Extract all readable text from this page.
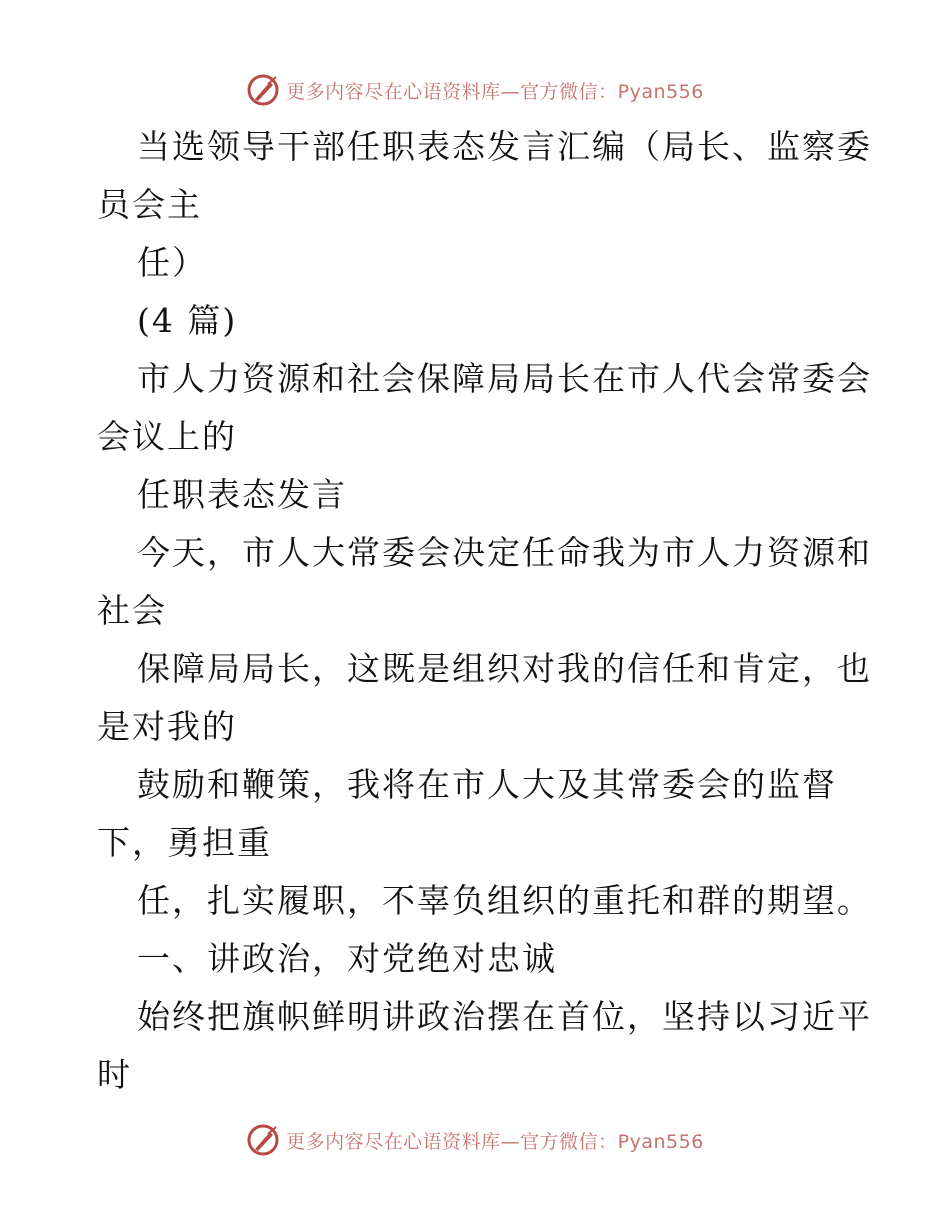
更多内容尽在心语资料库—官方微信：Pyan556

当选领导干部任职表态发言汇编（局长、监察委

员会主

任）

(4 篇)

市人力资源和社会保障局局长在市人代会常委会

会议上的

任职表态发言

今天，市人大常委会决定任命我为市人力资源和

社会

保障局局长，这既是组织对我的信任和肯定，也

是对我的

鼓励和鞭策，我将在市人大及其常委会的监督

下，勇担重

任，扎实履职，不辜负组织的重托和群的期望。

一、讲政治，对党绝对忠诚

始终把旗帜鲜明讲政治摆在首位，坚持以习近平

时

更多内容尽在心语资料库—官方微信：Pyan556
